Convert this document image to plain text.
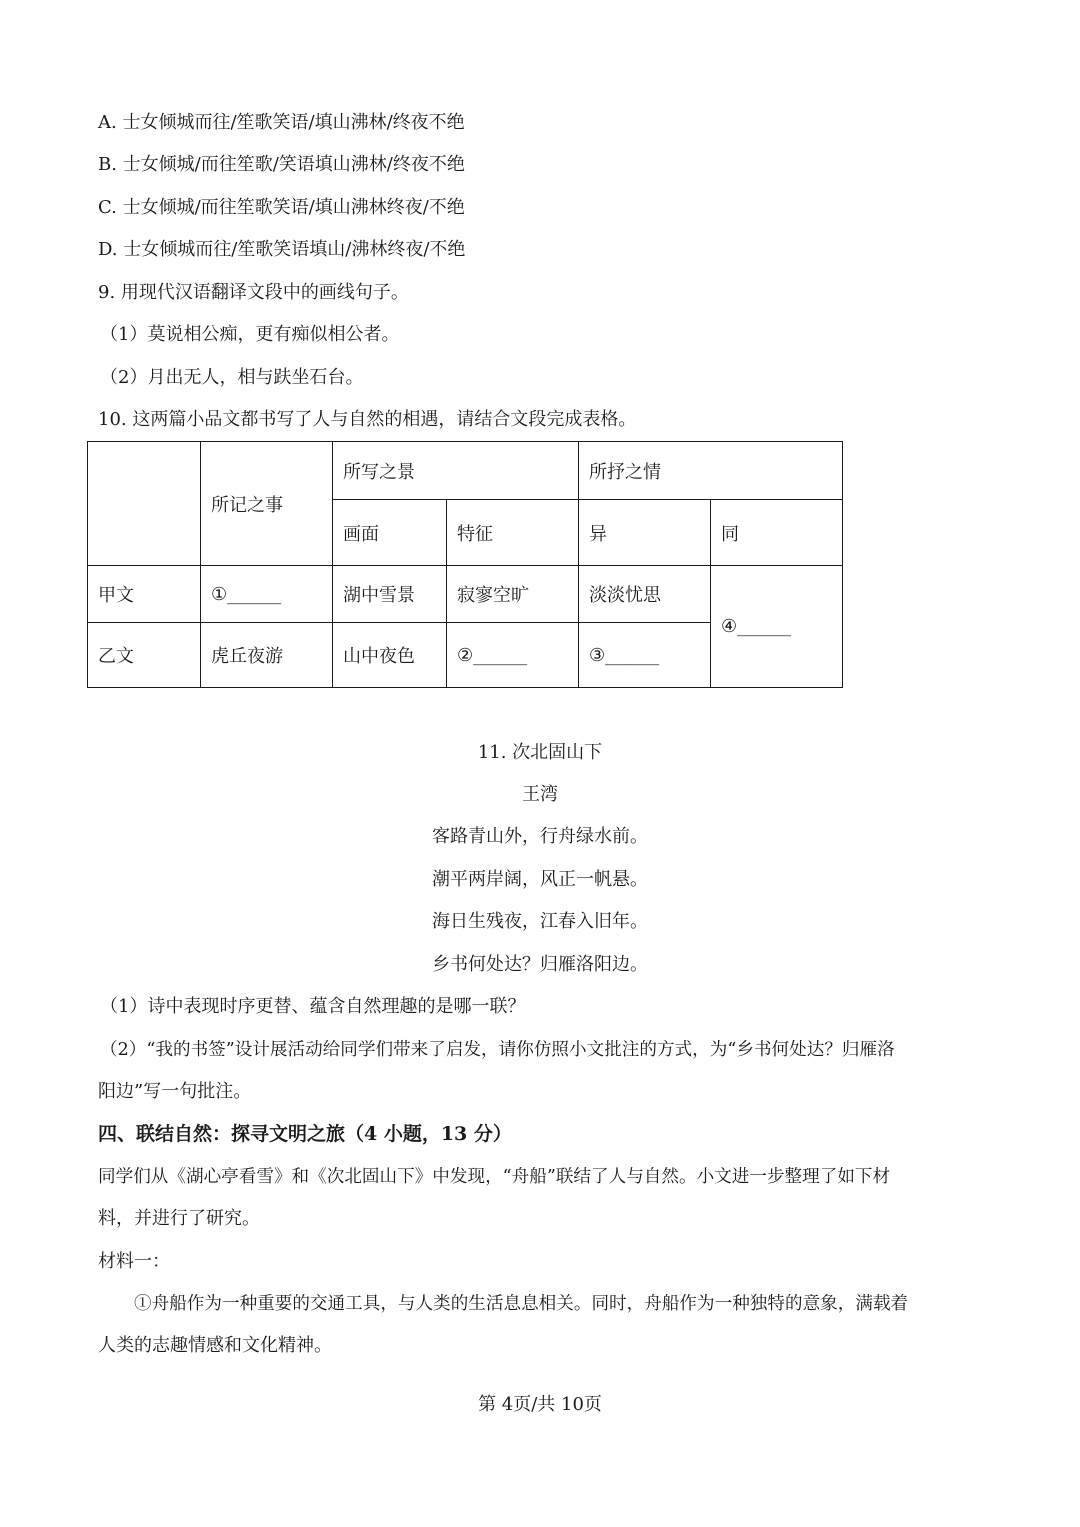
A. 士女倾城而往/笙歌笑语/填山沸林/终夜不绝
B. 士女倾城/而往笙歌/笑语填山沸林/终夜不绝
C. 士女倾城/而往笙歌笑语/填山沸林终夜/不绝
D. 士女倾城而往/笙歌笑语填山/沸林终夜/不绝
9. 用现代汉语翻译文段中的画线句子。
（1）莫说相公痴，更有痴似相公者。
（2）月出无人，相与趺坐石台。
10. 这两篇小品文都书写了人与自然的相遇，请结合文段完成表格。
	所记之事	所写之景		所抒之情	
		画面	特征	异	同
甲文	①______	湖中雪景	寂寥空旷	淡淡忧思	④______
乙文	虎丘夜游	山中夜色	②______	③______	
11. 次北固山下
王湾
客路青山外，行舟绿水前。
潮平两岸阔，风正一帆悬。
海日生残夜，江春入旧年。
乡书何处达？归雁洛阳边。
（1）诗中表现时序更替、蕴含自然理趣的是哪一联？
（2）“我的书签”设计展活动给同学们带来了启发，请你仿照小文批注的方式，为“乡书何处达？归雁洛
阳边”写一句批注。
四、联结自然：探寻文明之旅（4 小题，13 分）
同学们从《湖心亭看雪》和《次北固山下》中发现，“舟船”联结了人与自然。小文进一步整理了如下材
料，并进行了研究。
材料一：
①舟船作为一种重要的交通工具，与人类的生活息息相关。同时，舟船作为一种独特的意象，满载着
人类的志趣情感和文化精神。
第 4页/共 10页
